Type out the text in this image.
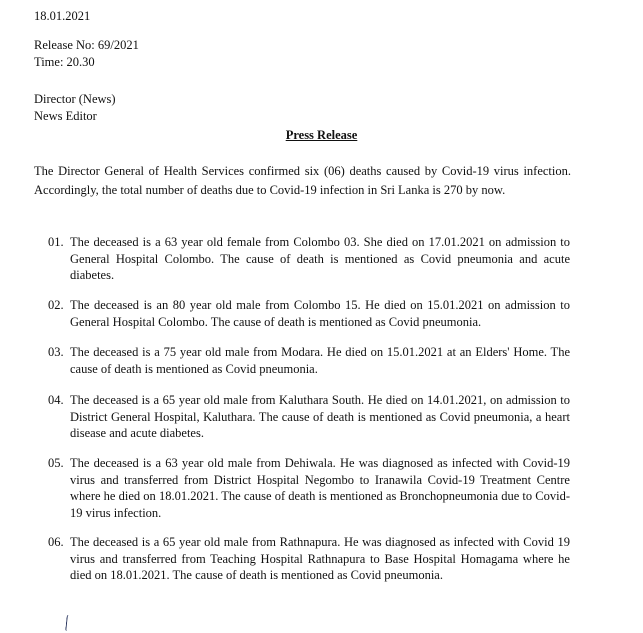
18.01.2021
Release No: 69/2021
Time: 20.30
Director (News)
News Editor
Press Release
The Director General of Health Services confirmed six (06) deaths caused by Covid-19 virus infection. Accordingly, the total number of deaths due to Covid-19 infection in Sri Lanka is 270 by now.
01. The deceased is a 63 year old female from Colombo 03. She died on 17.01.2021 on admission to General Hospital Colombo. The cause of death is mentioned as Covid pneumonia and acute diabetes.
02. The deceased is an 80 year old male from Colombo 15. He died on 15.01.2021 on admission to General Hospital Colombo. The cause of death is mentioned as Covid pneumonia.
03. The deceased is a 75 year old male from Modara. He died on 15.01.2021 at an Elders' Home. The cause of death is mentioned as Covid pneumonia.
04. The deceased is a 65 year old male from Kaluthara South. He died on 14.01.2021, on admission to District General Hospital, Kaluthara. The cause of death is mentioned as Covid pneumonia, a heart disease and acute diabetes.
05. The deceased is a 63 year old male from Dehiwala. He was diagnosed as infected with Covid-19 virus and transferred from District Hospital Negombo to Iranawila Covid-19 Treatment Centre where he died on 18.01.2021. The cause of death is mentioned as Bronchopneumonia due to Covid-19 virus infection.
06. The deceased is a 65 year old male from Rathnapura. He was diagnosed as infected with Covid 19 virus and transferred from Teaching Hospital Rathnapura to Base Hospital Homagama where he died on 18.01.2021. The cause of death is mentioned as Covid pneumonia.
